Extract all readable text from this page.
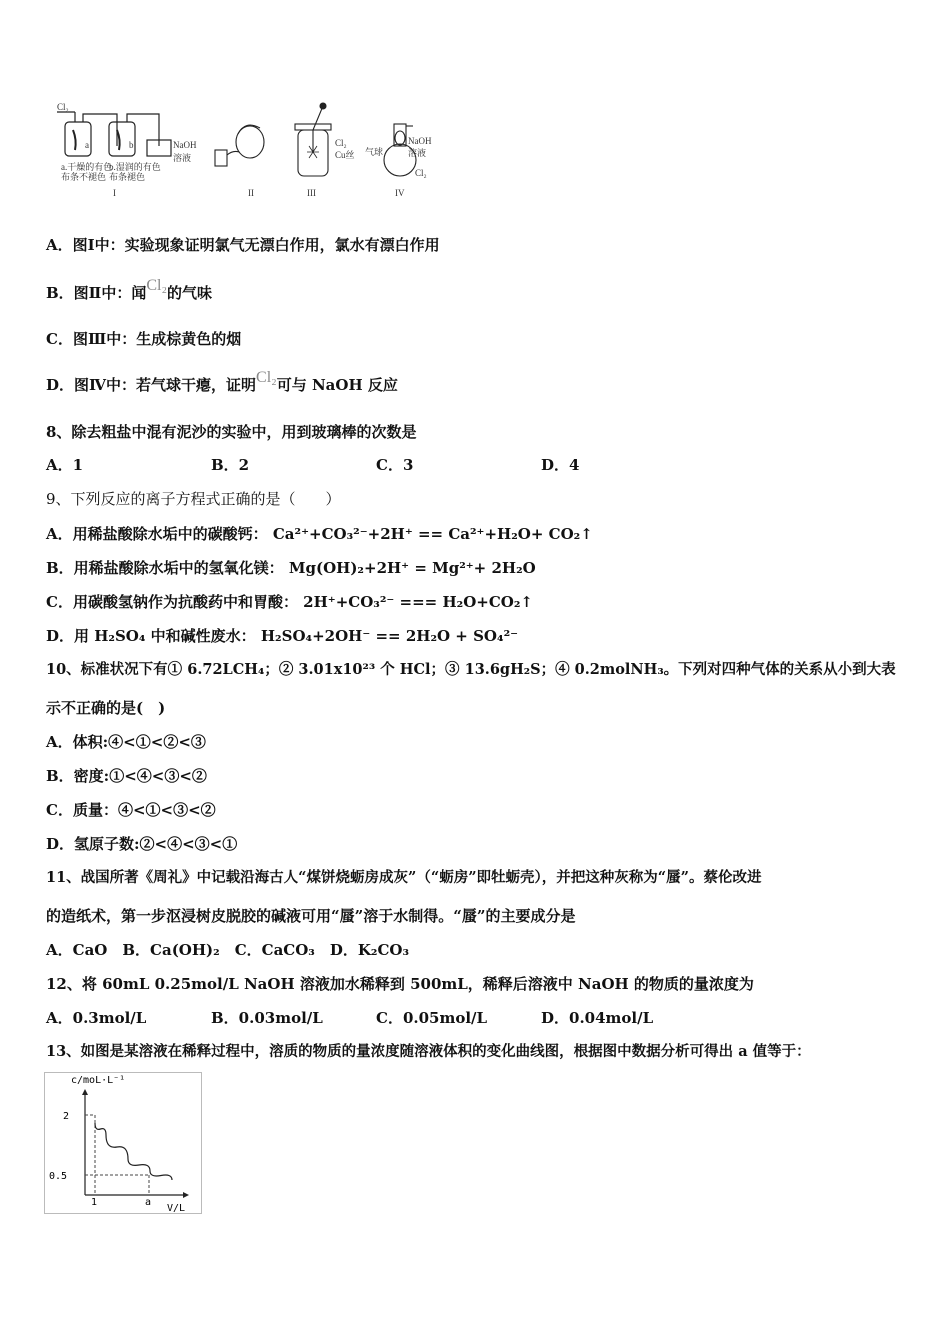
Cl₂
a	b	NaOH
溶液
a.干燥的有色
布条不褪色
b.湿润的有色
布条褪色
Cl₂
Cu丝
NaOH
溶液
气球
Cl₂
I	II	III	IV
A．图Ⅰ中：实验现象证明氯气无漂白作用，氯水有漂白作用
B．图Ⅱ中：闻Cl₂的气味
C．图Ⅲ中：生成棕黄色的烟
D．图Ⅳ中：若气球干瘪，证明Cl₂可与 NaOH 反应
8、除去粗盐中混有泥沙的实验中，用到玻璃棒的次数是
A．1	B．2	C．3	D．4
9、下列反应的离子方程式正确的是（　　）
A．用稀盐酸除水垢中的碳酸钙： Ca²⁺+CO₃²⁻+2H⁺ == Ca²⁺+H₂O+ CO₂↑
B．用稀盐酸除水垢中的氢氧化镁： Mg(OH)₂+2H⁺ = Mg²⁺+ 2H₂O
C．用碳酸氢钠作为抗酸药中和胃酸： 2H⁺+CO₃²⁻ === H₂O+CO₂↑
D．用 H₂SO₄ 中和碱性废水： H₂SO₄+2OH⁻ == 2H₂O + SO₄²⁻
10、标准状况下有① 6.72LCH₄；② 3.01x10²³ 个 HCl；③ 13.6gH₂S；④ 0.2molNH₃。下列对四种气体的关系从小到大表
示不正确的是(　)
A．体积:④<①<②<③
B．密度:①<④<③<②
C．质量：④<①<③<②
D．氢原子数:②<④<③<①
11、战国所著《周礼》中记载沿海古人“煤饼烧蛎房成灰”（“蛎房”即牡蛎壳），并把这种灰称为“蜃”。蔡伦改进
的造纸术，第一步沤浸树皮脱胶的碱液可用“蜃”溶于水制得。“蜃”的主要成分是
A．CaO　B．Ca(OH)₂　C．CaCO₃　D．K₂CO₃
12、将 60mL 0.25mol/L NaOH 溶液加水稀释到 500mL，稀释后溶液中 NaOH 的物质的量浓度为
A．0.3mol/L	B．0.03mol/L	C．0.05mol/L	D．0.04mol/L
13、如图是某溶液在稀释过程中，溶质的物质的量浓度随溶液体积的变化曲线图，根据图中数据分析可得出 a 值等于：
c/moL·L⁻¹
V/L
2
0.5
1	a
